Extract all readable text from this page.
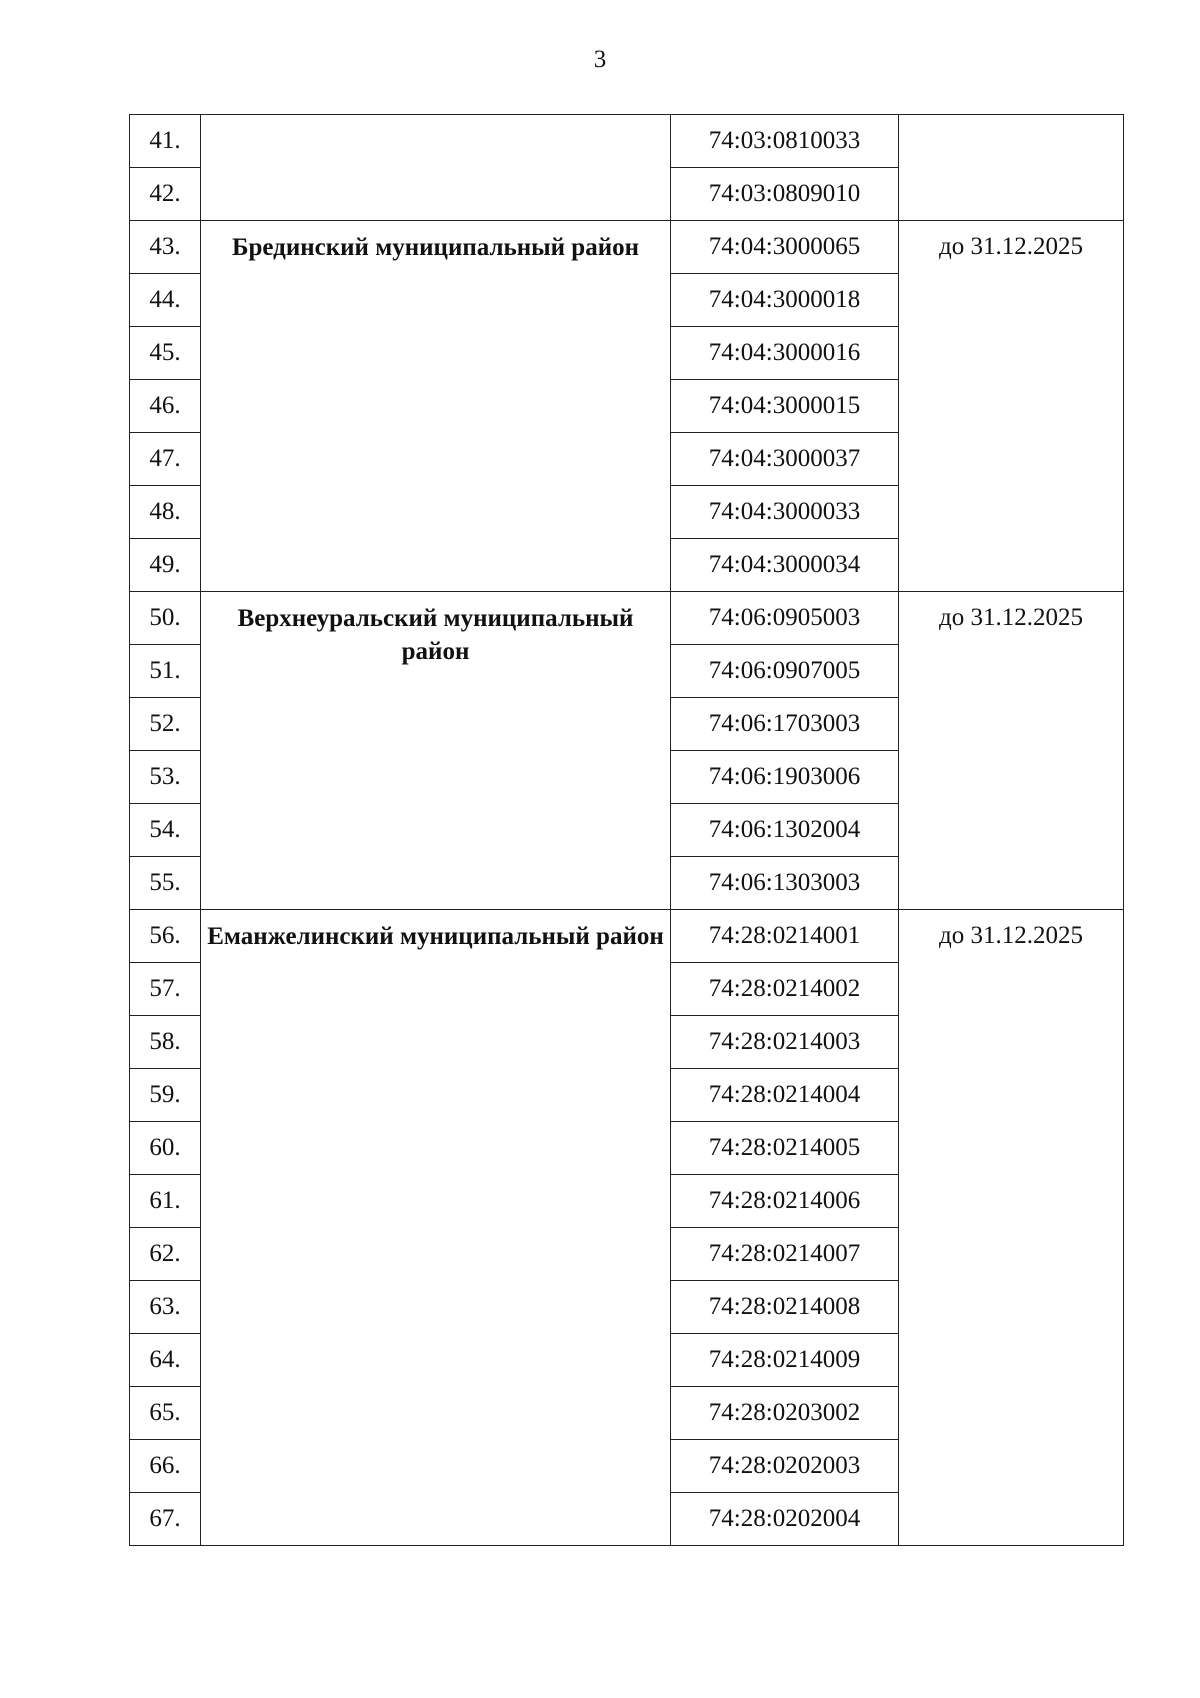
3
41.		74:03:0810033	
42.		74:03:0809010	
43.	Брединский муниципальный район	74:04:3000065	до 31.12.2025
44.		74:04:3000018	
45.		74:04:3000016	
46.		74:04:3000015	
47.		74:04:3000037	
48.		74:04:3000033	
49.		74:04:3000034	
50.	Верхнеуральский муниципальный район	74:06:0905003	до 31.12.2025
51.		74:06:0907005	
52.		74:06:1703003	
53.		74:06:1903006	
54.		74:06:1302004	
55.		74:06:1303003	
56.	Еманжелинский муниципальный район	74:28:0214001	до 31.12.2025
57.		74:28:0214002	
58.		74:28:0214003	
59.		74:28:0214004	
60.		74:28:0214005	
61.		74:28:0214006	
62.		74:28:0214007	
63.		74:28:0214008	
64.		74:28:0214009	
65.		74:28:0203002	
66.		74:28:0202003	
67.		74:28:0202004	
